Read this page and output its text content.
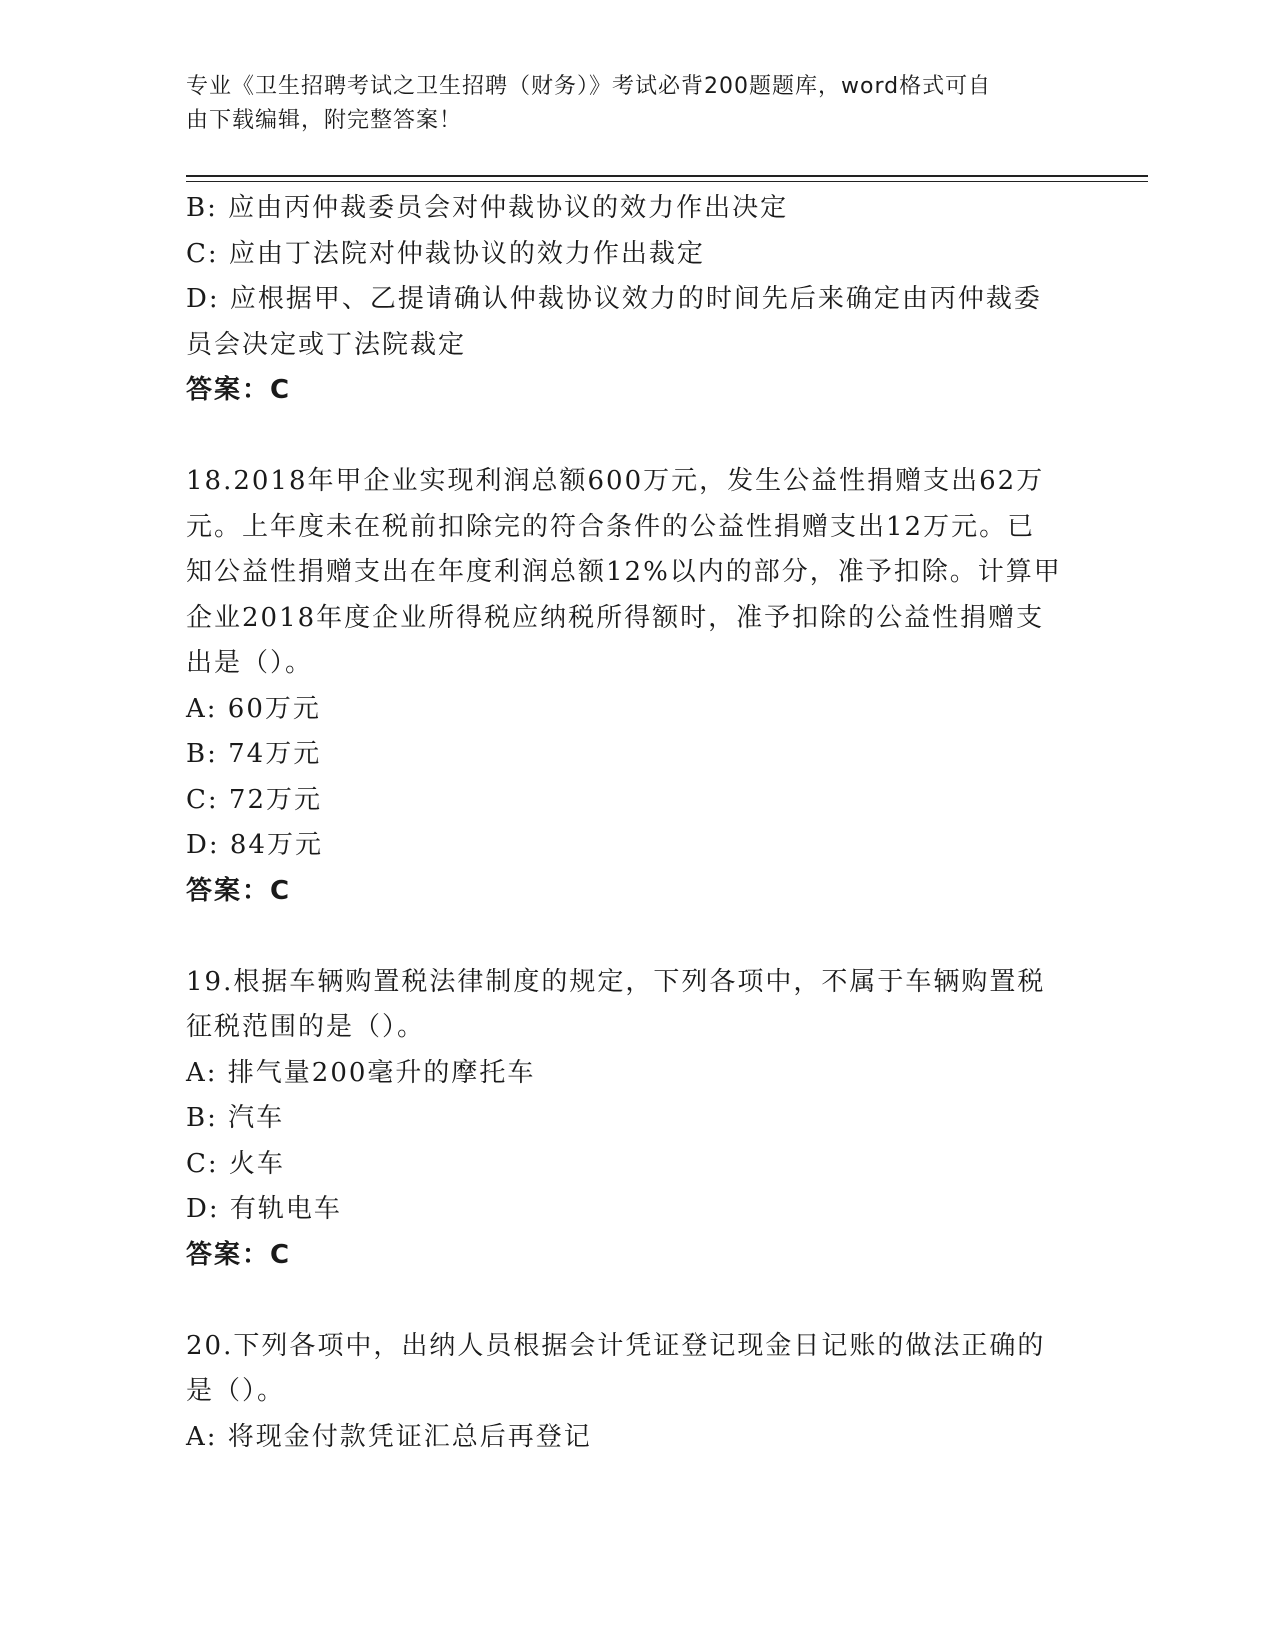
专业《卫生招聘考试之卫生招聘（财务）》考试必背200题题库，word格式可自
由下载编辑，附完整答案！

B: 应由丙仲裁委员会对仲裁协议的效力作出决定

C: 应由丁法院对仲裁协议的效力作出裁定

D: 应根据甲、乙提请确认仲裁协议效力的时间先后来确定由丙仲裁委

员会决定或丁法院裁定

答案：C

18.2018年甲企业实现利润总额600万元，发生公益性捐赠支出62万

元。上年度未在税前扣除完的符合条件的公益性捐赠支出12万元。已

知公益性捐赠支出在年度利润总额12%以内的部分，准予扣除。计算甲

企业2018年度企业所得税应纳税所得额时，准予扣除的公益性捐赠支

出是（）。

A: 60万元

B: 74万元

C: 72万元

D: 84万元

答案：C

19.根据车辆购置税法律制度的规定，下列各项中，不属于车辆购置税

征税范围的是（）。

A: 排气量200毫升的摩托车

B: 汽车

C: 火车

D: 有轨电车

答案：C

20.下列各项中，出纳人员根据会计凭证登记现金日记账的做法正确的

是（）。

A: 将现金付款凭证汇总后再登记
